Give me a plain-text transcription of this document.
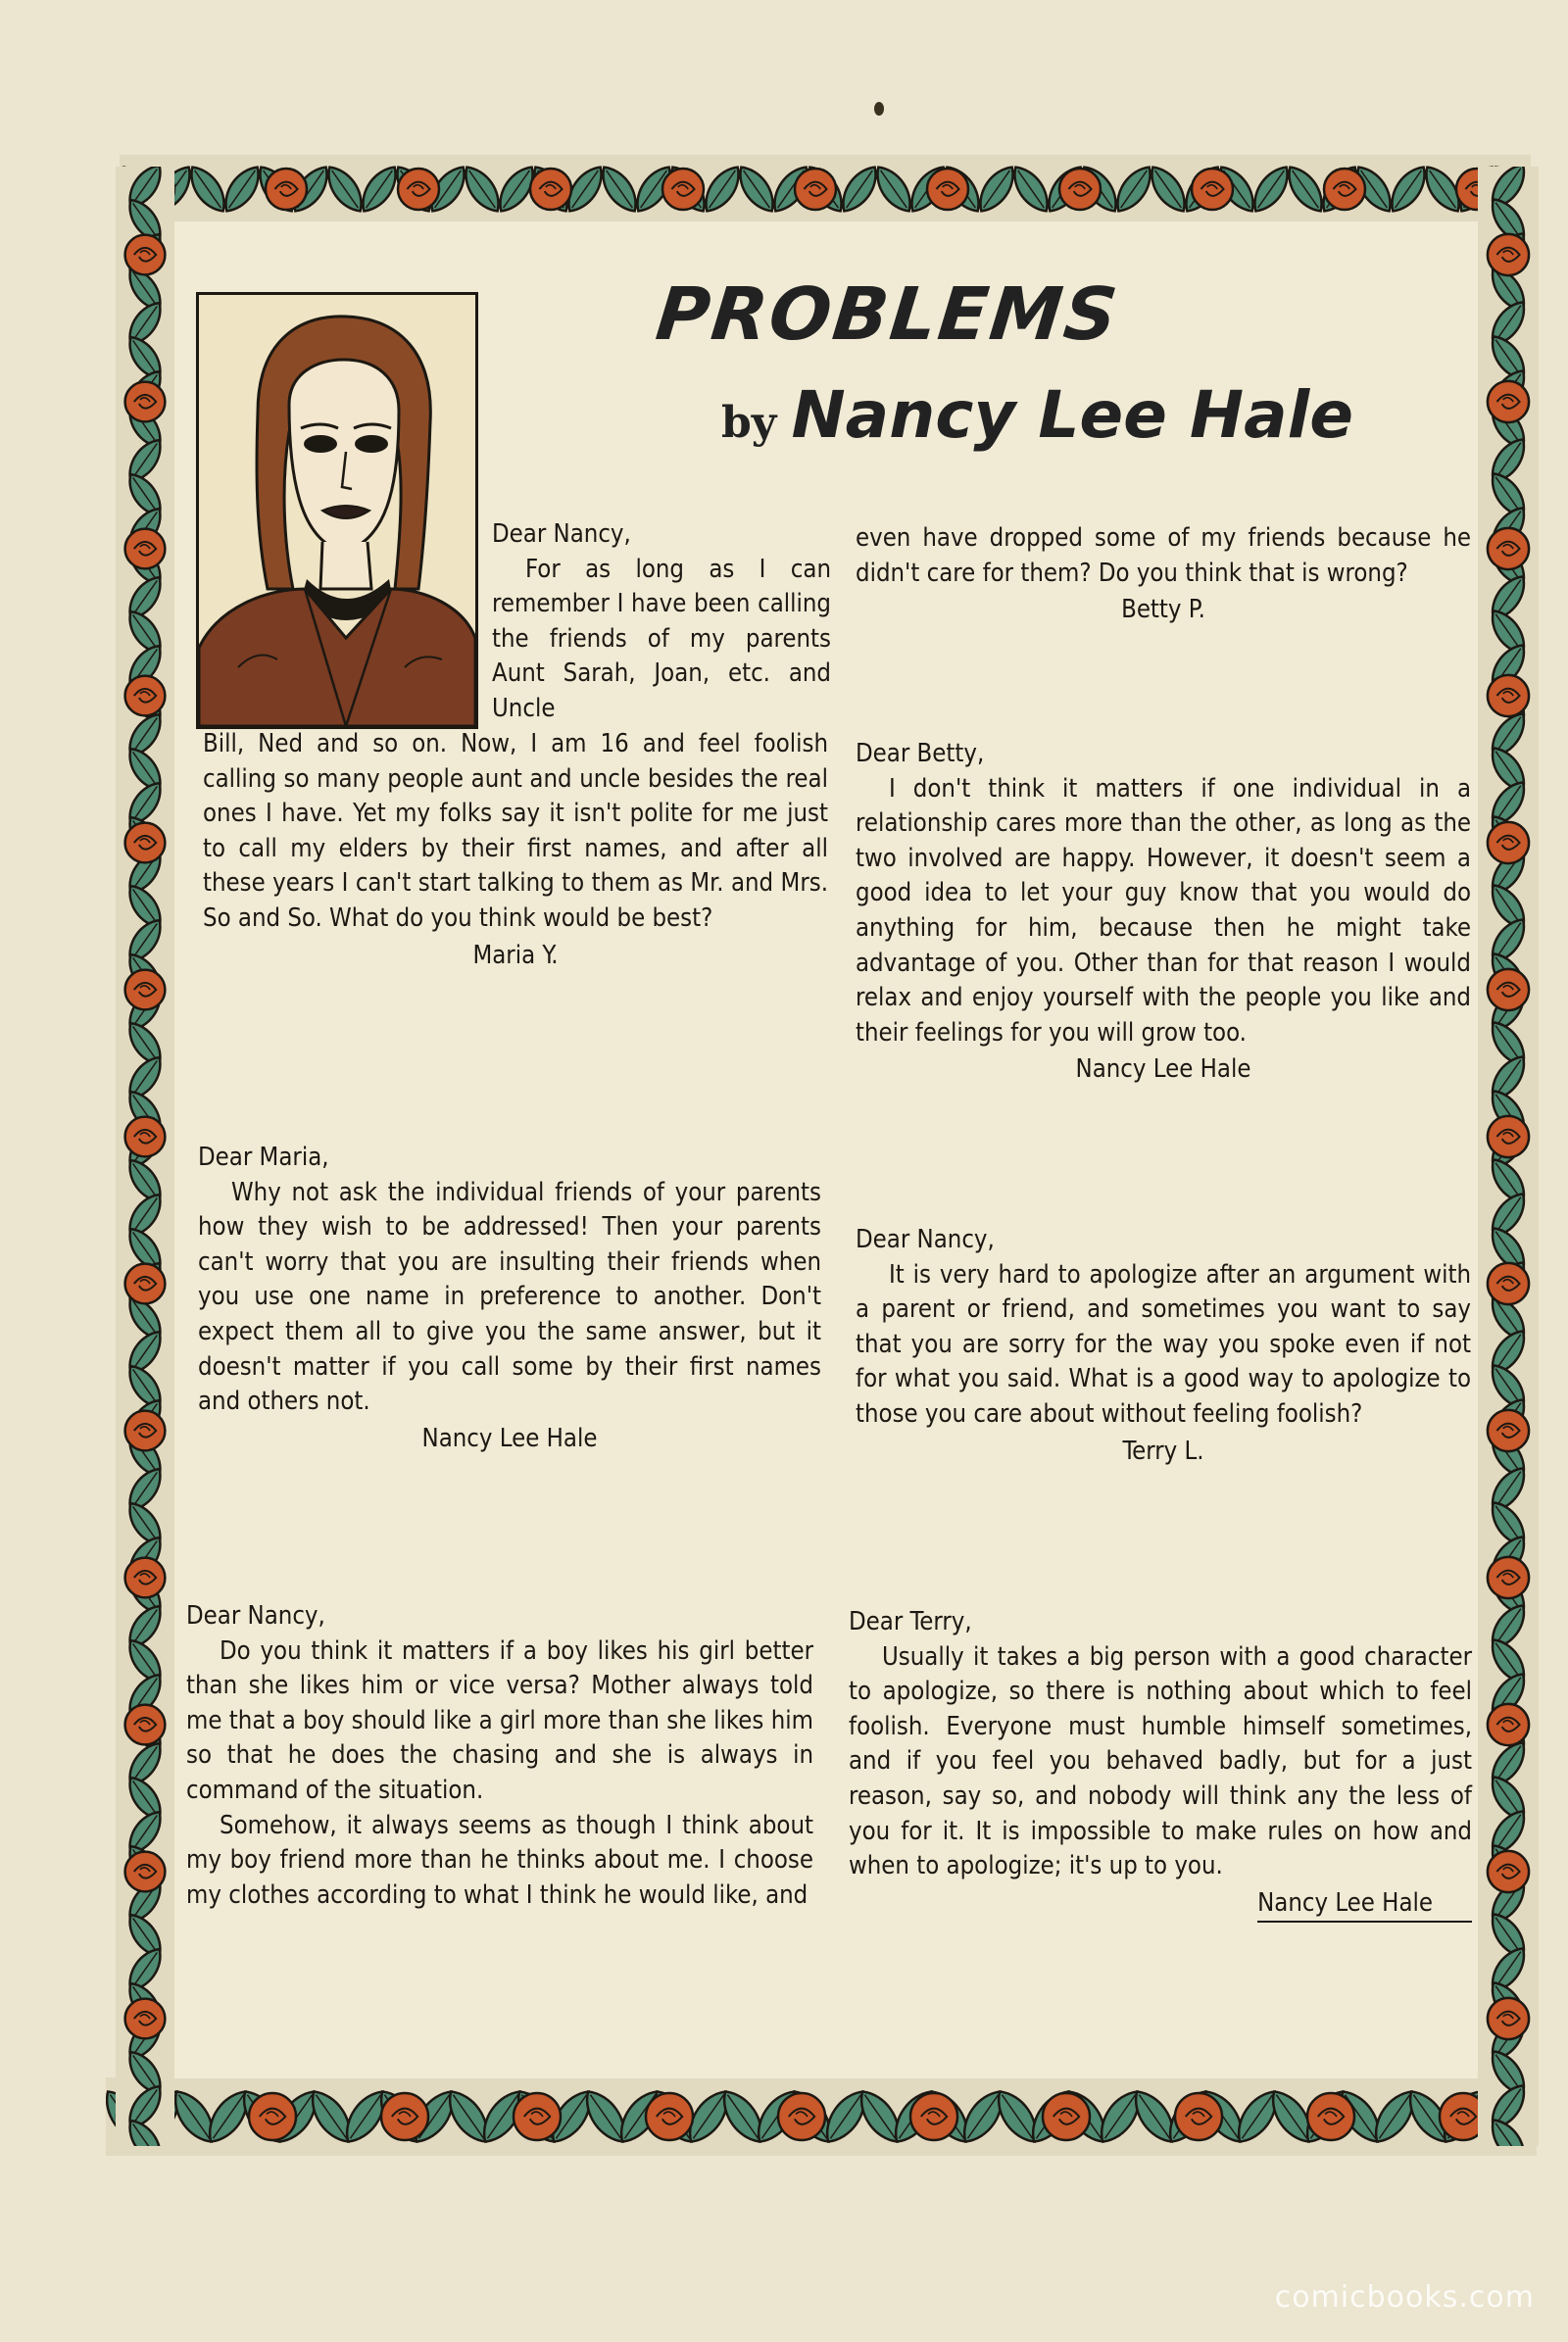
PROBLEMS
by Nancy Lee Hale

Dear Nancy,

For as long as I can remember I have been calling the friends of my parents Aunt Sarah, Joan, etc. and Uncle

Bill, Ned and so on. Now, I am 16 and feel foolish calling so many people aunt and uncle besides the real ones I have. Yet my folks say it isn't polite for me just to call my elders by their first names, and after all these years I can't start talking to them as Mr. and Mrs. So and So. What do you think would be best?

Maria Y.

Dear Maria,

Why not ask the individual friends of your parents how they wish to be addressed! Then your parents can't worry that you are insulting their friends when you use one name in preference to another. Don't expect them all to give you the same answer, but it doesn't matter if you call some by their first names and others not.

Nancy Lee Hale

Dear Nancy,

Do you think it matters if a boy likes his girl better than she likes him or vice versa? Mother always told me that a boy should like a girl more than she likes him so that he does the chasing and she is always in command of the situation.

Somehow, it always seems as though I think about my boy friend more than he thinks about me. I choose my clothes according to what I think he would like, and

even have dropped some of my friends because he didn't care for them? Do you think that is wrong?

Betty P.

Dear Betty,

I don't think it matters if one individual in a relationship cares more than the other, as long as the two involved are happy. However, it doesn't seem a good idea to let your guy know that you would do anything for him, because then he might take advantage of you. Other than for that reason I would relax and enjoy yourself with the people you like and their feelings for you will grow too.

Nancy Lee Hale

Dear Nancy,

It is very hard to apologize after an argument with a parent or friend, and sometimes you want to say that you are sorry for the way you spoke even if not for what you said. What is a good way to apologize to those you care about without feeling foolish?

Terry L.

Dear Terry,

Usually it takes a big person with a good character to apologize, so there is nothing about which to feel foolish. Everyone must humble himself sometimes, and if you feel you behaved badly, but for a just reason, say so, and nobody will think any the less of you for it. It is impossible to make rules on how and when to apologize; it's up to you.

Nancy Lee Hale

comicbooks.com
